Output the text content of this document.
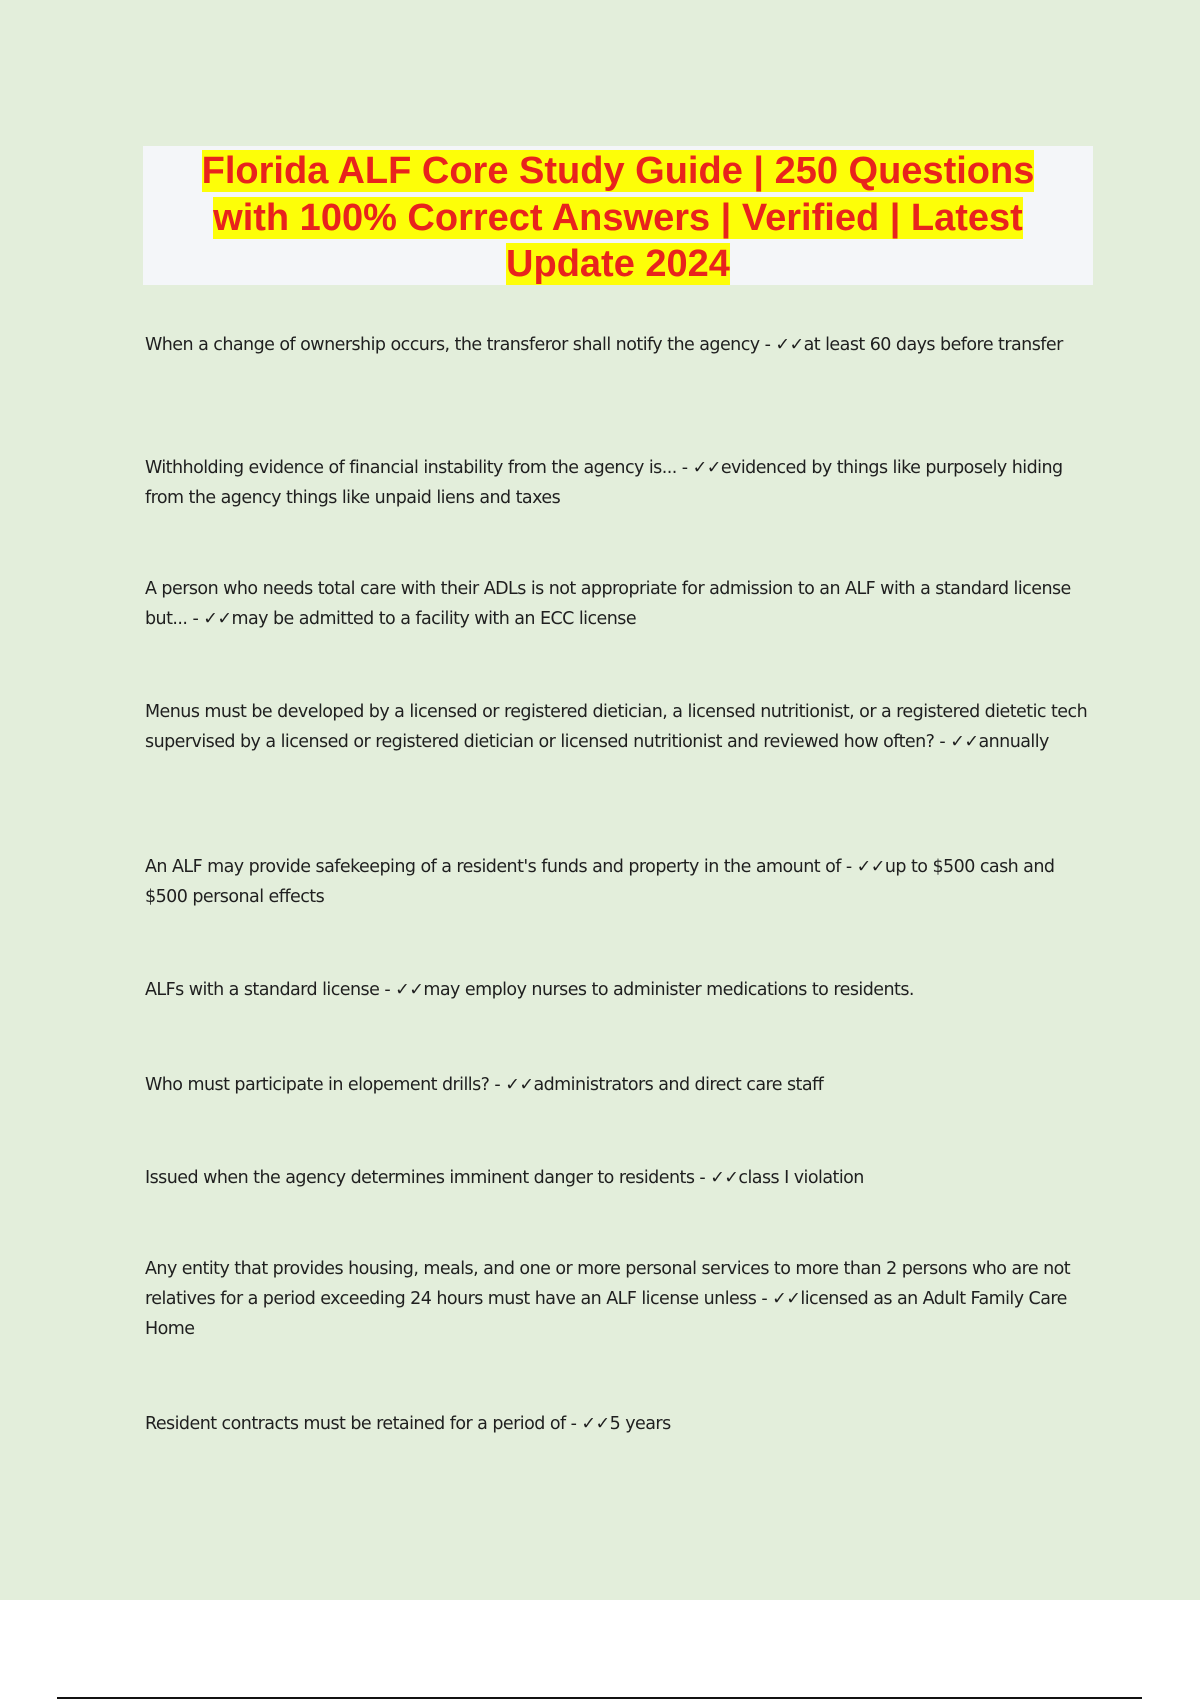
Florida ALF Core Study Guide | 250 Questions
with 100% Correct Answers | Verified | Latest
Update 2024

When a change of ownership occurs, the transferor shall notify the agency - ✓✓at least 60 days before transfer

Withholding evidence of financial instability from the agency is... - ✓✓evidenced by things like purposely hiding from the agency things like unpaid liens and taxes

A person who needs total care with their ADLs is not appropriate for admission to an ALF with a standard license but... - ✓✓may be admitted to a facility with an ECC license

Menus must be developed by a licensed or registered dietician, a licensed nutritionist, or a registered dietetic tech supervised by a licensed or registered dietician or licensed nutritionist and reviewed how often? - ✓✓annually

An ALF may provide safekeeping of a resident's funds and property in the amount of - ✓✓up to $500 cash and $500 personal effects

ALFs with a standard license - ✓✓may employ nurses to administer medications to residents.

Who must participate in elopement drills? - ✓✓administrators and direct care staff

Issued when the agency determines imminent danger to residents - ✓✓class I violation

Any entity that provides housing, meals, and one or more personal services to more than 2 persons who are not relatives for a period exceeding 24 hours must have an ALF license unless - ✓✓licensed as an Adult Family Care Home

Resident contracts must be retained for a period of - ✓✓5 years
